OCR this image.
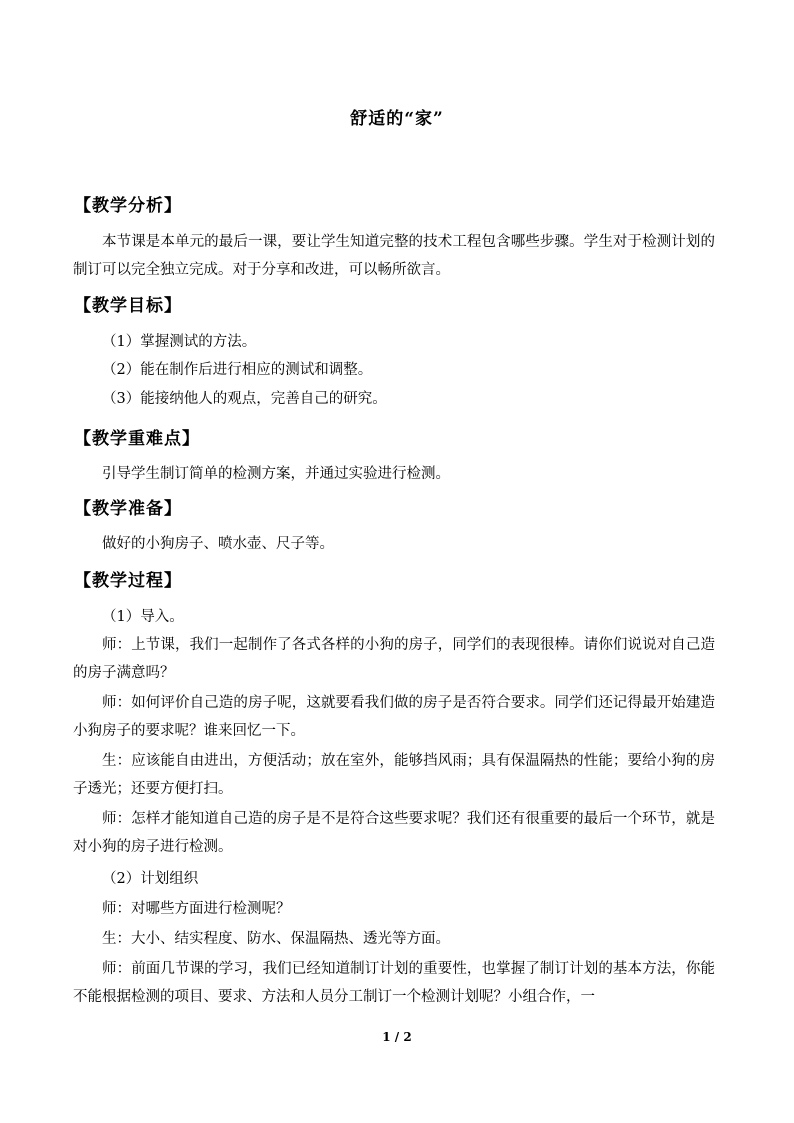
舒适的“家”
【教学分析】
本节课是本单元的最后一课，要让学生知道完整的技术工程包含哪些步骤。学生对于检测计划的制订可以完全独立完成。对于分享和改进，可以畅所欲言。
【教学目标】
（1）掌握测试的方法。
（2）能在制作后进行相应的测试和调整。
（3）能接纳他人的观点，完善自己的研究。
【教学重难点】
引导学生制订简单的检测方案，并通过实验进行检测。
【教学准备】
做好的小狗房子、喷水壶、尺子等。
【教学过程】
（1）导入。
师：上节课，我们一起制作了各式各样的小狗的房子，同学们的表现很棒。请你们说说对自己造的房子满意吗？
师：如何评价自己造的房子呢，这就要看我们做的房子是否符合要求。同学们还记得最开始建造小狗房子的要求呢？谁来回忆一下。
生：应该能自由进出，方便活动；放在室外，能够挡风雨；具有保温隔热的性能；要给小狗的房子透光；还要方便打扫。
师：怎样才能知道自己造的房子是不是符合这些要求呢？我们还有很重要的最后一个环节，就是对小狗的房子进行检测。
（2）计划组织
师：对哪些方面进行检测呢？
生：大小、结实程度、防水、保温隔热、透光等方面。
师：前面几节课的学习，我们已经知道制订计划的重要性，也掌握了制订计划的基本方法，你能不能根据检测的项目、要求、方法和人员分工制订一个检测计划呢？小组合作，一
1 / 2
